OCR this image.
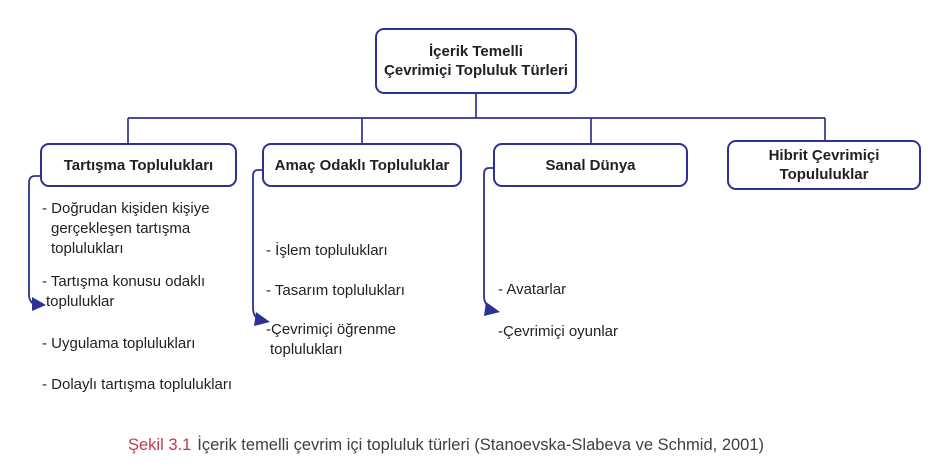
İçerik Temelli
Çevrimiçi Topluluk Türleri
Tartışma Toplulukları	Amaç Odaklı Topluluklar	Sanal Dünya
Hibrit Çevrimiçi
Topululuklar
- Doğrudan kişiden kişiye gerçekleşen tartışma toplulukları
- Tartışma konusu odaklı topluluklar
- Uygulama toplulukları
- Dolaylı tartışma toplulukları
- İşlem toplulukları
- Tasarım toplulukları
-Çevrimiçi öğrenme toplulukları
- Avatarlar
-Çevrimiçi oyunlar
Şekil 3.1 İçerik temelli çevrim içi topluluk türleri (Stanoevska-Slabeva ve Schmid, 2001)
